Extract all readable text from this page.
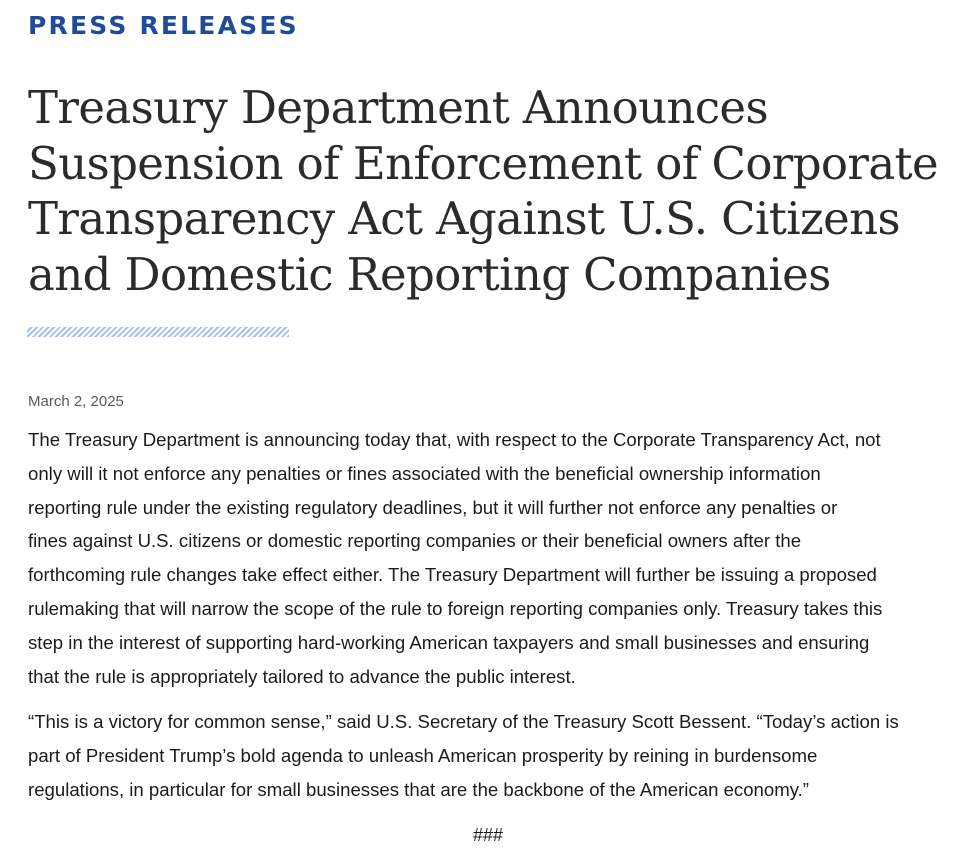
PRESS RELEASES
Treasury Department Announces
Suspension of Enforcement of Corporate
Transparency Act Against U.S. Citizens
and Domestic Reporting Companies

March 2, 2025

The Treasury Department is announcing today that, with respect to the Corporate Transparency Act, not
only will it not enforce any penalties or fines associated with the beneficial ownership information
reporting rule under the existing regulatory deadlines, but it will further not enforce any penalties or
fines against U.S. citizens or domestic reporting companies or their beneficial owners after the
forthcoming rule changes take effect either. The Treasury Department will further be issuing a proposed
rulemaking that will narrow the scope of the rule to foreign reporting companies only. Treasury takes this
step in the interest of supporting hard-working American taxpayers and small businesses and ensuring
that the rule is appropriately tailored to advance the public interest.

“This is a victory for common sense,” said U.S. Secretary of the Treasury Scott Bessent. “Today’s action is
part of President Trump’s bold agenda to unleash American prosperity by reining in burdensome
regulations, in particular for small businesses that are the backbone of the American economy.”

###
